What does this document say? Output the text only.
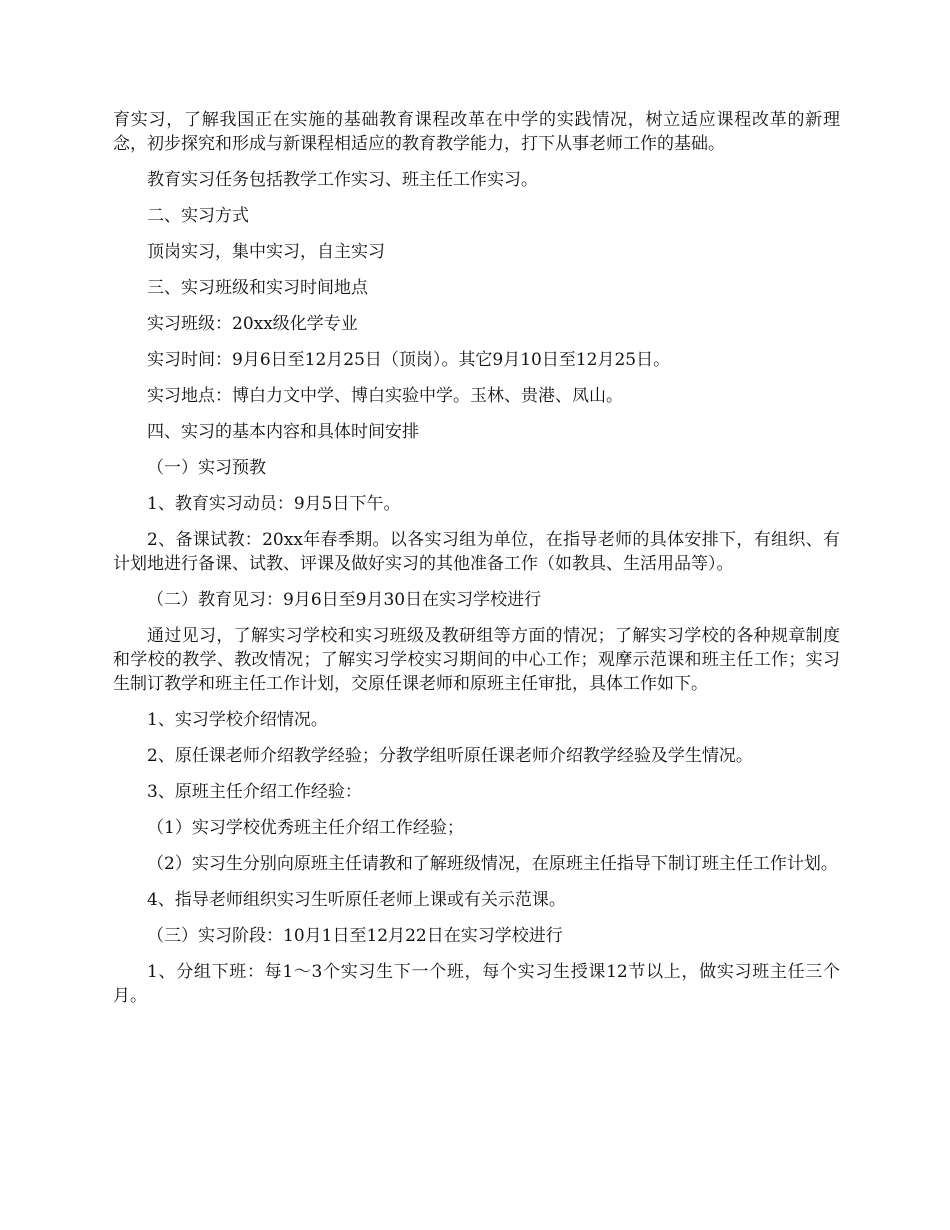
育实习，了解我国正在实施的基础教育课程改革在中学的实践情况，树立适应课程改革的新理念，初步探究和形成与新课程相适应的教育教学能力，打下从事老师工作的基础。

教育实习任务包括教学工作实习、班主任工作实习。

二、实习方式

顶岗实习，集中实习，自主实习

三、实习班级和实习时间地点

实习班级：20xx级化学专业

实习时间：9月6日至12月25日（顶岗）。其它9月10日至12月25日。

实习地点：博白力文中学、博白实验中学。玉林、贵港、凤山。

四、实习的基本内容和具体时间安排

（一）实习预教

1、教育实习动员：9月5日下午。

2、备课试教：20xx年春季期。以各实习组为单位，在指导老师的具体安排下，有组织、有计划地进行备课、试教、评课及做好实习的其他准备工作（如教具、生活用品等）。

（二）教育见习：9月6日至9月30日在实习学校进行

通过见习，了解实习学校和实习班级及教研组等方面的情况；了解实习学校的各种规章制度和学校的教学、教改情况；了解实习学校实习期间的中心工作；观摩示范课和班主任工作；实习生制订教学和班主任工作计划，交原任课老师和原班主任审批，具体工作如下。

1、实习学校介绍情况。

2、原任课老师介绍教学经验；分教学组听原任课老师介绍教学经验及学生情况。

3、原班主任介绍工作经验：

（1）实习学校优秀班主任介绍工作经验；

（2）实习生分别向原班主任请教和了解班级情况，在原班主任指导下制订班主任工作计划。

4、指导老师组织实习生听原任老师上课或有关示范课。

（三）实习阶段：10月1日至12月22日在实习学校进行

1、分组下班：每1～3个实习生下一个班，每个实习生授课12节以上，做实习班主任三个月。
